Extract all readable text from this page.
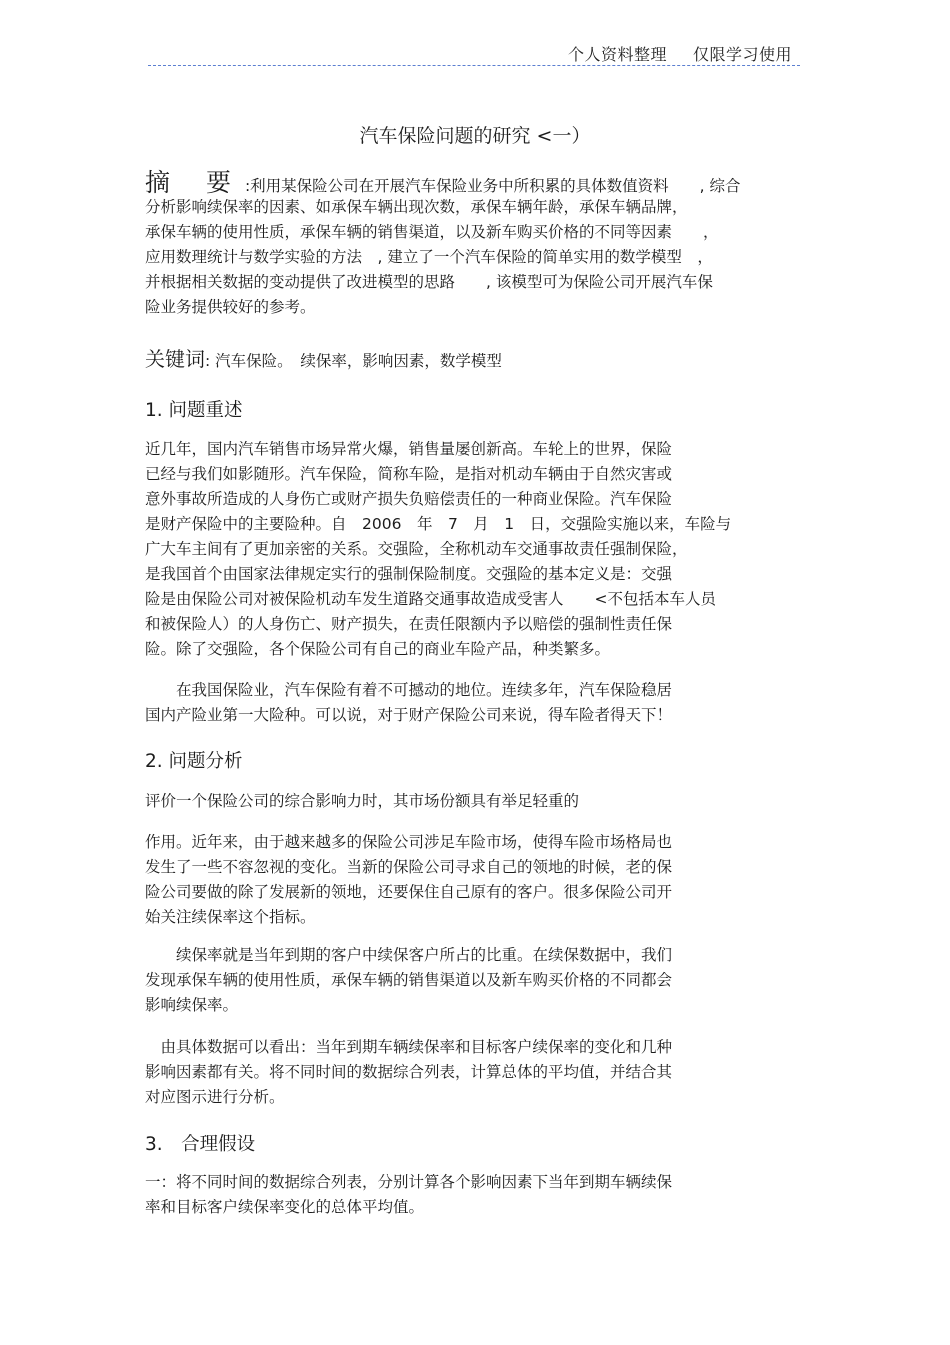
个人资料整理 仅限学习使用
汽车保险问题的研究 <一）
摘 要:利用某保险公司在开展汽车保险业务中所积累的具体数值资料　　, 综合
分析影响续保率的因素、如承保车辆出现次数，承保车辆年龄，承保车辆品牌，
承保车辆的使用性质，承保车辆的销售渠道，以及新车购买价格的不同等因素　　，
应用数理统计与数学实验的方法　, 建立了一个汽车保险的简单实用的数学模型　，
并根据相关数据的变动提供了改进模型的思路　　, 该模型可为保险公司开展汽车保
险业务提供较好的参考。
关键词: 汽车保险。　续保率，影响因素，数学模型
1. 问题重述
近几年，国内汽车销售市场异常火爆，销售量屡创新高。车轮上的世界，保险
已经与我们如影随形。汽车保险，简称车险，是指对机动车辆由于自然灾害或
意外事故所造成的人身伤亡或财产损失负赔偿责任的一种商业保险。汽车保险
是财产保险中的主要险种。自　2006　年　7　月　1　日，交强险实施以来，车险与
广大车主间有了更加亲密的关系。交强险，全称机动车交通事故责任强制保险，
是我国首个由国家法律规定实行的强制保险制度。交强险的基本定义是：交强
险是由保险公司对被保险机动车发生道路交通事故造成受害人　　<不包括本车人员
和被保险人）的人身伤亡、财产损失，在责任限额内予以赔偿的强制性责任保
险。除了交强险，各个保险公司有自己的商业车险产品，种类繁多。
　　在我国保险业，汽车保险有着不可撼动的地位。连续多年，汽车保险稳居
国内产险业第一大险种。可以说，对于财产保险公司来说，得车险者得天下！
2. 问题分析
评价一个保险公司的综合影响力时，其市场份额具有举足轻重的
作用。近年来，由于越来越多的保险公司涉足车险市场，使得车险市场格局也
发生了一些不容忽视的变化。当新的保险公司寻求自己的领地的时候，老的保
险公司要做的除了发展新的领地，还要保住自己原有的客户。很多保险公司开
始关注续保率这个指标。
　　续保率就是当年到期的客户中续保客户所占的比重。在续保数据中，我们
发现承保车辆的使用性质，承保车辆的销售渠道以及新车购买价格的不同都会
影响续保率。
　由具体数据可以看出：当年到期车辆续保率和目标客户续保率的变化和几种
影响因素都有关。将不同时间的数据综合列表，计算总体的平均值，并结合其
对应图示进行分析。
3.　合理假设
一：将不同时间的数据综合列表，分别计算各个影响因素下当年到期车辆续保
率和目标客户续保率变化的总体平均值。
